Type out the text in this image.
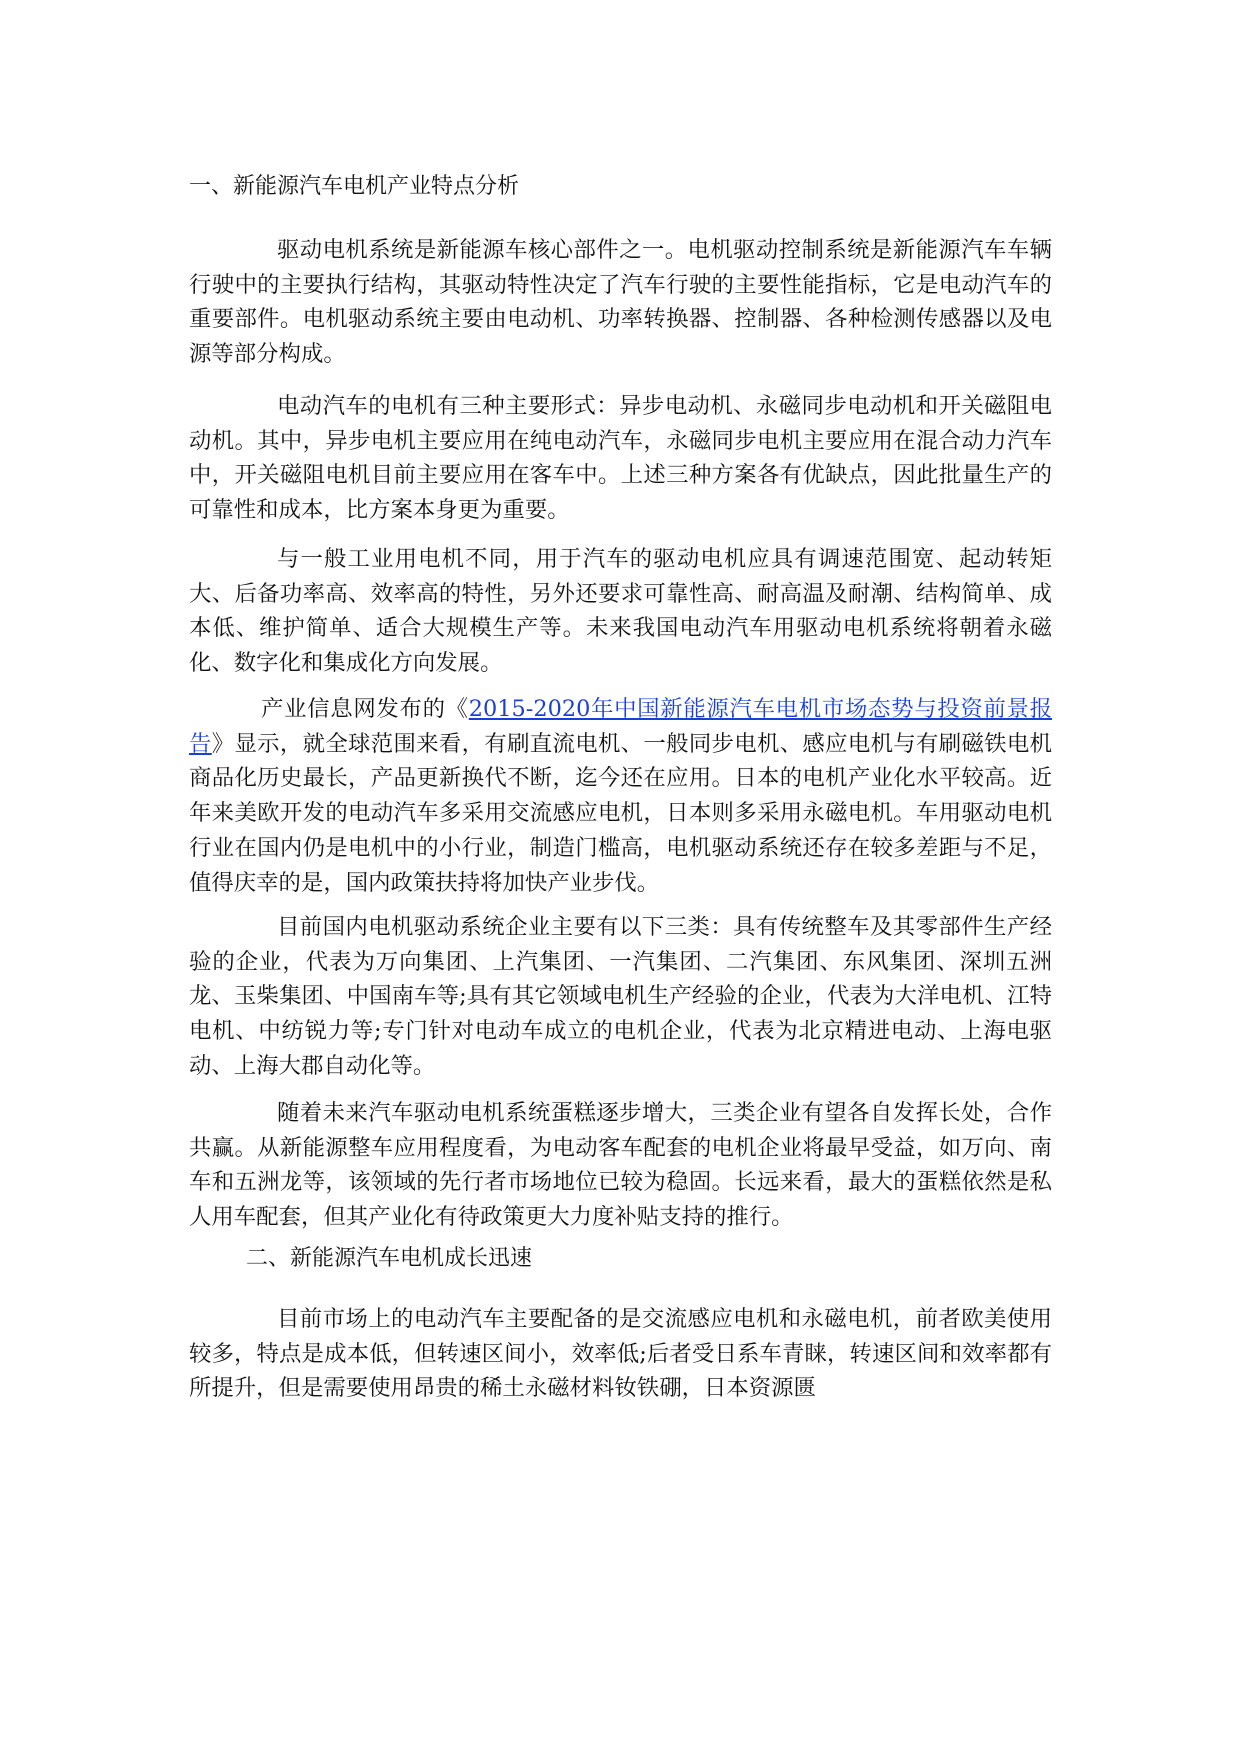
一、新能源汽车电机产业特点分析

驱动电机系统是新能源车核心部件之一。电机驱动控制系统是新能源汽车车辆行驶中的主要执行结构，其驱动特性决定了汽车行驶的主要性能指标，它是电动汽车的重要部件。电机驱动系统主要由电动机、功率转换器、控制器、各种检测传感器以及电源等部分构成。

电动汽车的电机有三种主要形式：异步电动机、永磁同步电动机和开关磁阻电动机。其中，异步电机主要应用在纯电动汽车，永磁同步电机主要应用在混合动力汽车中，开关磁阻电机目前主要应用在客车中。上述三种方案各有优缺点，因此批量生产的可靠性和成本，比方案本身更为重要。

与一般工业用电机不同，用于汽车的驱动电机应具有调速范围宽、起动转矩大、后备功率高、效率高的特性，另外还要求可靠性高、耐高温及耐潮、结构简单、成本低、维护简单、适合大规模生产等。未来我国电动汽车用驱动电机系统将朝着永磁化、数字化和集成化方向发展。

产业信息网发布的《2015-2020年中国新能源汽车电机市场态势与投资前景报告》显示，就全球范围来看，有刷直流电机、一般同步电机、感应电机与有刷磁铁电机商品化历史最长，产品更新换代不断，迄今还在应用。日本的电机产业化水平较高。近年来美欧开发的电动汽车多采用交流感应电机，日本则多采用永磁电机。车用驱动电机行业在国内仍是电机中的小行业，制造门槛高，电机驱动系统还存在较多差距与不足，值得庆幸的是，国内政策扶持将加快产业步伐。

目前国内电机驱动系统企业主要有以下三类：具有传统整车及其零部件生产经验的企业，代表为万向集团、上汽集团、一汽集团、二汽集团、东风集团、深圳五洲龙、玉柴集团、中国南车等;具有其它领域电机生产经验的企业，代表为大洋电机、江特电机、中纺锐力等;专门针对电动车成立的电机企业，代表为北京精进电动、上海电驱动、上海大郡自动化等。

随着未来汽车驱动电机系统蛋糕逐步增大，三类企业有望各自发挥长处，合作共赢。从新能源整车应用程度看，为电动客车配套的电机企业将最早受益，如万向、南车和五洲龙等，该领域的先行者市场地位已较为稳固。长远来看，最大的蛋糕依然是私人用车配套，但其产业化有待政策更大力度补贴支持的推行。

二、新能源汽车电机成长迅速

目前市场上的电动汽车主要配备的是交流感应电机和永磁电机，前者欧美使用较多，特点是成本低，但转速区间小，效率低;后者受日系车青睐，转速区间和效率都有所提升，但是需要使用昂贵的稀土永磁材料钕铁硼，日本资源匮
